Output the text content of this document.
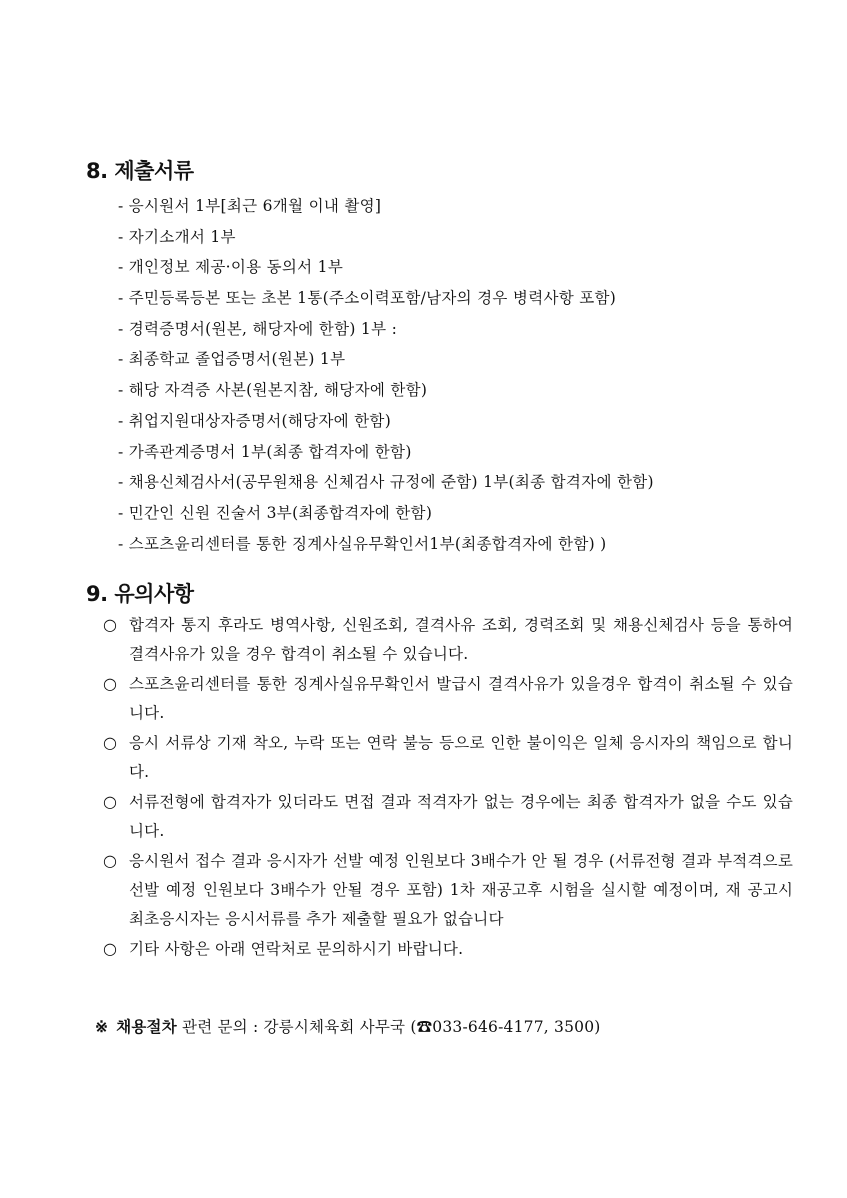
8. 제출서류
- 응시원서 1부[최근 6개월 이내 촬영]
- 자기소개서 1부
- 개인정보 제공·이용 동의서 1부
- 주민등록등본 또는 초본 1통(주소이력포함/남자의 경우 병력사항 포함)
- 경력증명서(원본, 해당자에 한함) 1부 :
- 최종학교 졸업증명서(원본) 1부
- 해당 자격증 사본(원본지참, 해당자에 한함)
- 취업지원대상자증명서(해당자에 한함)
- 가족관계증명서 1부(최종 합격자에 한함)
- 채용신체검사서(공무원채용 신체검사 규정에 준함) 1부(최종 합격자에 한함)
- 민간인 신원 진술서 3부(최종합격자에 한함)
- 스포츠윤리센터를 통한 징계사실유무확인서1부(최종합격자에 한함) )
9. 유의사항
○ 합격자 통지 후라도 병역사항, 신원조회, 결격사유 조회, 경력조회 및 채용신체검사 등을 통하여 결격사유가 있을 경우 합격이 취소될 수 있습니다.
○ 스포츠윤리센터를 통한 징계사실유무확인서 발급시 결격사유가 있을경우 합격이 취소될 수 있습니다.
○ 응시 서류상 기재 착오, 누락 또는 연락 불능 등으로 인한 불이익은 일체 응시자의 책임으로 합니다.
○ 서류전형에 합격자가 있더라도 면접 결과 적격자가 없는 경우에는 최종 합격자가 없을 수도 있습니다.
○ 응시원서 접수 결과 응시자가 선발 예정 인원보다 3배수가 안 될 경우 (서류전형 결과 부적격으로 선발 예정 인원보다 3배수가 안될 경우 포함) 1차 재공고후 시험을 실시할 예정이며, 재 공고시 최초응시자는 응시서류를 추가 제출할 필요가 없습니다
○ 기타 사항은 아래 연락처로 문의하시기 바랍니다.
※ 채용절차 관련 문의 : 강릉시체육회 사무국 (☎033-646-4177, 3500)
